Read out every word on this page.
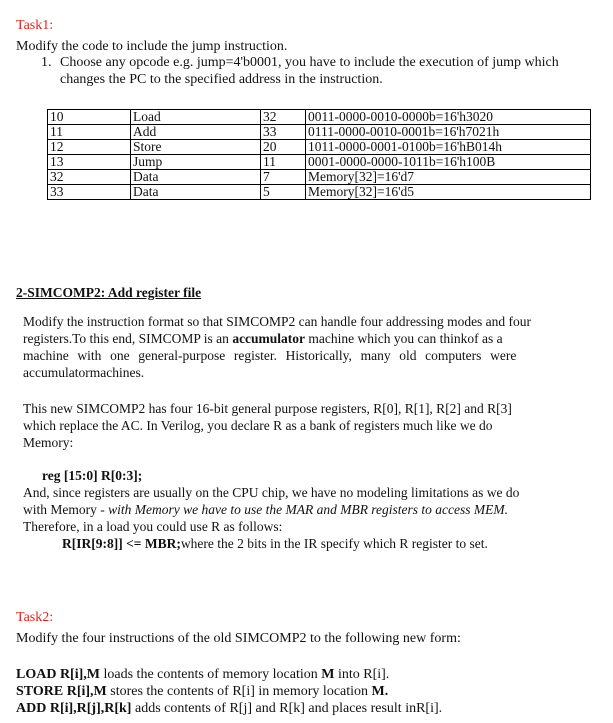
Task1:
Modify the code to include the jump instruction.
1. Choose any opcode e.g. jump=4'b0001, you have to include the execution of jump which
changes the PC to the specified address in the instruction.
10	Load	32	0011-0000-0010-0000b=16'h3020
11	Add	33	0111-0000-0010-0001b=16'h7021h
12	Store	20	1011-0000-0001-0100b=16'hB014h
13	Jump	11	0001-0000-0000-1011b=16'h100B
32	Data	7	Memory[32]=16'd7
33	Data	5	Memory[32]=16'd5
2-SIMCOMP2: Add register file
Modify the instruction format so that SIMCOMP2 can handle four addressing modes and four
registers.To this end, SIMCOMP is an accumulator machine which you can thinkof as a
machine with one general-purpose register. Historically, many old computers were
accumulatormachines.
This new SIMCOMP2 has four 16-bit general purpose registers, R[0], R[1], R[2] and R[3]
which replace the AC. In Verilog, you declare R as a bank of registers much like we do
Memory:
reg [15:0] R[0:3];
And, since registers are usually on the CPU chip, we have no modeling limitations as we do
with Memory - with Memory we have to use the MAR and MBR registers to access MEM.
Therefore, in a load you could use R as follows:
R[IR[9:8]] <= MBR;where the 2 bits in the IR specify which R register to set.
Task2:
Modify the four instructions of the old SIMCOMP2 to the following new form:
LOAD R[i],M loads the contents of memory location M into R[i].
STORE R[i],M stores the contents of R[i] in memory location M.
ADD R[i],R[j],R[k] adds contents of R[j] and R[k] and places result inR[i].
